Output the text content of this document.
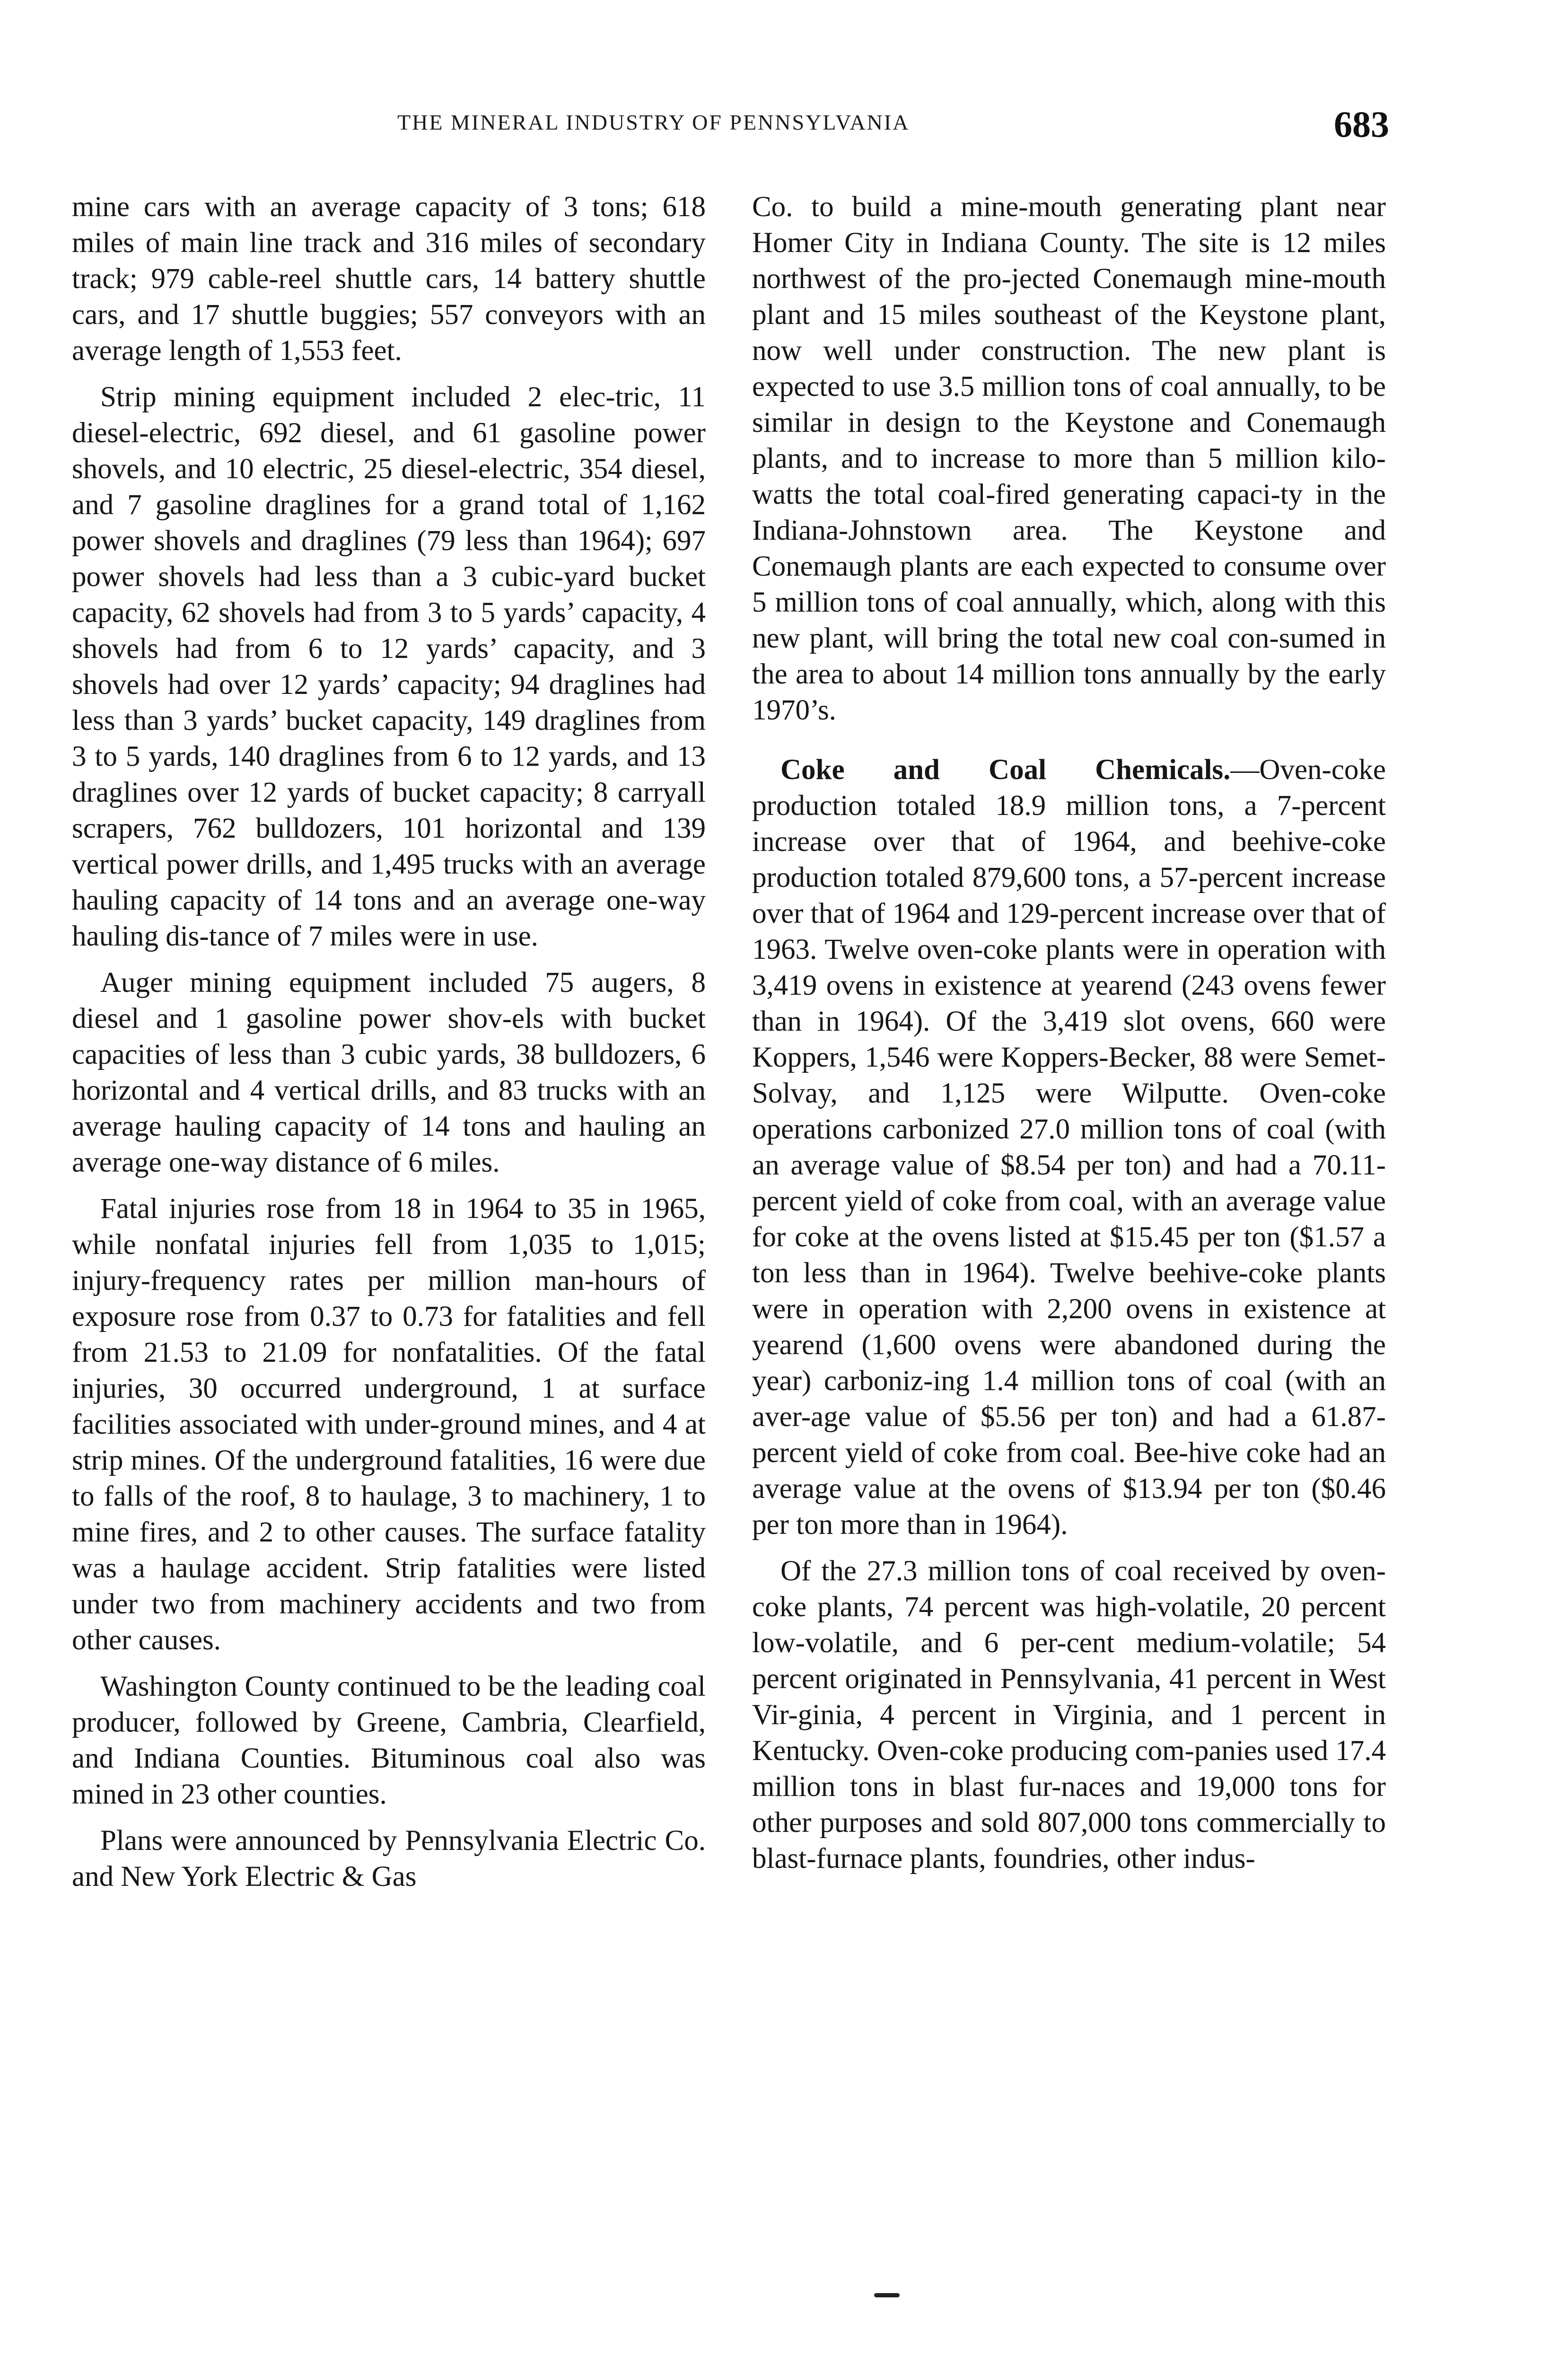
THE MINERAL INDUSTRY OF PENNSYLVANIA	683

mine cars with an average capacity of 3 tons; 618 miles of main line track and 316 miles of secondary track; 979 cable-reel shuttle cars, 14 battery shuttle cars, and 17 shuttle buggies; 557 conveyors with an average length of 1,553 feet.

Strip mining equipment included 2 elec-tric, 11 diesel-electric, 692 diesel, and 61 gasoline power shovels, and 10 electric, 25 diesel-electric, 354 diesel, and 7 gasoline draglines for a grand total of 1,162 power shovels and draglines (79 less than 1964); 697 power shovels had less than a 3 cubic-yard bucket capacity, 62 shovels had from 3 to 5 yards’ capacity, 4 shovels had from 6 to 12 yards’ capacity, and 3 shovels had over 12 yards’ capacity; 94 draglines had less than 3 yards’ bucket capacity, 149 draglines from 3 to 5 yards, 140 draglines from 6 to 12 yards, and 13 draglines over 12 yards of bucket capacity; 8 carryall scrapers, 762 bulldozers, 101 horizontal and 139 vertical power drills, and 1,495 trucks with an average hauling capacity of 14 tons and an average one-way hauling dis-tance of 7 miles were in use.

Auger mining equipment included 75 augers, 8 diesel and 1 gasoline power shov-els with bucket capacities of less than 3 cubic yards, 38 bulldozers, 6 horizontal and 4 vertical drills, and 83 trucks with an average hauling capacity of 14 tons and hauling an average one-way distance of 6 miles.

Fatal injuries rose from 18 in 1964 to 35 in 1965, while nonfatal injuries fell from 1,035 to 1,015; injury-frequency rates per million man-hours of exposure rose from 0.37 to 0.73 for fatalities and fell from 21.53 to 21.09 for nonfatalities. Of the fatal injuries, 30 occurred underground, 1 at surface facilities associated with under-ground mines, and 4 at strip mines. Of the underground fatalities, 16 were due to falls of the roof, 8 to haulage, 3 to machinery, 1 to mine fires, and 2 to other causes. The surface fatality was a haulage accident. Strip fatalities were listed under two from machinery accidents and two from other causes.

Washington County continued to be the leading coal producer, followed by Greene, Cambria, Clearfield, and Indiana Counties. Bituminous coal also was mined in 23 other counties.

Plans were announced by Pennsylvania Electric Co. and New York Electric & Gas

Co. to build a mine-mouth generating plant near Homer City in Indiana County. The site is 12 miles northwest of the pro-jected Conemaugh mine-mouth plant and 15 miles southeast of the Keystone plant, now well under construction. The new plant is expected to use 3.5 million tons of coal annually, to be similar in design to the Keystone and Conemaugh plants, and to increase to more than 5 million kilo-watts the total coal-fired generating capaci-ty in the Indiana-Johnstown area. The Keystone and Conemaugh plants are each expected to consume over 5 million tons of coal annually, which, along with this new plant, will bring the total new coal con-sumed in the area to about 14 million tons annually by the early 1970’s.

Coke and Coal Chemicals.—Oven-coke production totaled 18.9 million tons, a 7-percent increase over that of 1964, and beehive-coke production totaled 879,600 tons, a 57-percent increase over that of 1964 and 129-percent increase over that of 1963. Twelve oven-coke plants were in operation with 3,419 ovens in existence at yearend (243 ovens fewer than in 1964). Of the 3,419 slot ovens, 660 were Koppers, 1,546 were Koppers-Becker, 88 were Semet-Solvay, and 1,125 were Wilputte. Oven-coke operations carbonized 27.0 million tons of coal (with an average value of $8.54 per ton) and had a 70.11-percent yield of coke from coal, with an average value for coke at the ovens listed at $15.45 per ton ($1.57 a ton less than in 1964). Twelve beehive-coke plants were in operation with 2,200 ovens in existence at yearend (1,600 ovens were abandoned during the year) carboniz-ing 1.4 million tons of coal (with an aver-age value of $5.56 per ton) and had a 61.87-percent yield of coke from coal. Bee-hive coke had an average value at the ovens of $13.94 per ton ($0.46 per ton more than in 1964).

Of the 27.3 million tons of coal received by oven-coke plants, 74 percent was high-volatile, 20 percent low-volatile, and 6 per-cent medium-volatile; 54 percent originated in Pennsylvania, 41 percent in West Vir-ginia, 4 percent in Virginia, and 1 percent in Kentucky. Oven-coke producing com-panies used 17.4 million tons in blast fur-naces and 19,000 tons for other purposes and sold 807,000 tons commercially to blast-furnace plants, foundries, other indus-
